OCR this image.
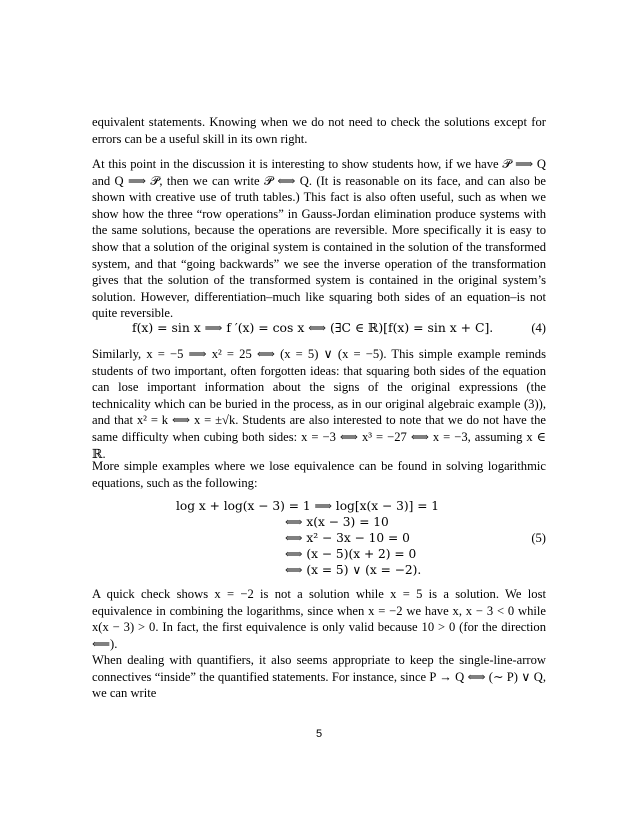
equivalent statements. Knowing when we do not need to check the solutions except for errors can be a useful skill in its own right.

At this point in the discussion it is interesting to show students how, if we have 𝒫 ⟹ Q and Q ⟹ 𝒫, then we can write 𝒫 ⟺ Q. (It is reasonable on its face, and can also be shown with creative use of truth tables.) This fact is also often useful, such as when we show how the three “row operations” in Gauss-Jordan elimination produce systems with the same solutions, because the operations are reversible. More specifically it is easy to show that a solution of the original system is contained in the solution of the transformed system, and that “going backwards” we see the inverse operation of the transformation gives that the solution of the transformed system is contained in the original system’s solution. However, differentiation–much like squaring both sides of an equation–is not quite reversible.

f(x) = sin x ⟹ f ′(x) = cos x ⟺ (∃C ∈ ℝ)[f(x) = sin x + C].	(4)

Similarly, x = −5 ⟹ x² = 25 ⟺ (x = 5) ∨ (x = −5). This simple example reminds students of two important, often forgotten ideas: that squaring both sides of the equation can lose important information about the signs of the original expressions (the technicality which can be buried in the process, as in our original algebraic example (3)), and that x² = k ⟺ x = ±√k. Students are also interested to note that we do not have the same difficulty when cubing both sides: x = −3 ⟺ x³ = −27 ⟺ x = −3, assuming x ∈ ℝ.

More simple examples where we lose equivalence can be found in solving logarithmic equations, such as the following:

log x + log(x − 3) = 1 ⟹ log[x(x − 3)] = 1
⟺ x(x − 3) = 10
⟺ x² − 3x − 10 = 0
⟺ (x − 5)(x + 2) = 0
⟺ (x = 5) ∨ (x = −2).
(5)

A quick check shows x = −2 is not a solution while x = 5 is a solution. We lost equivalence in combining the logarithms, since when x = −2 we have x, x − 3 < 0 while x(x − 3) > 0. In fact, the first equivalence is only valid because 10 > 0 (for the direction ⟸).

When dealing with quantifiers, it also seems appropriate to keep the single-line-arrow connectives “inside” the quantified statements. For instance, since P → Q ⟺ (∼ P) ∨ Q, we can write

5
